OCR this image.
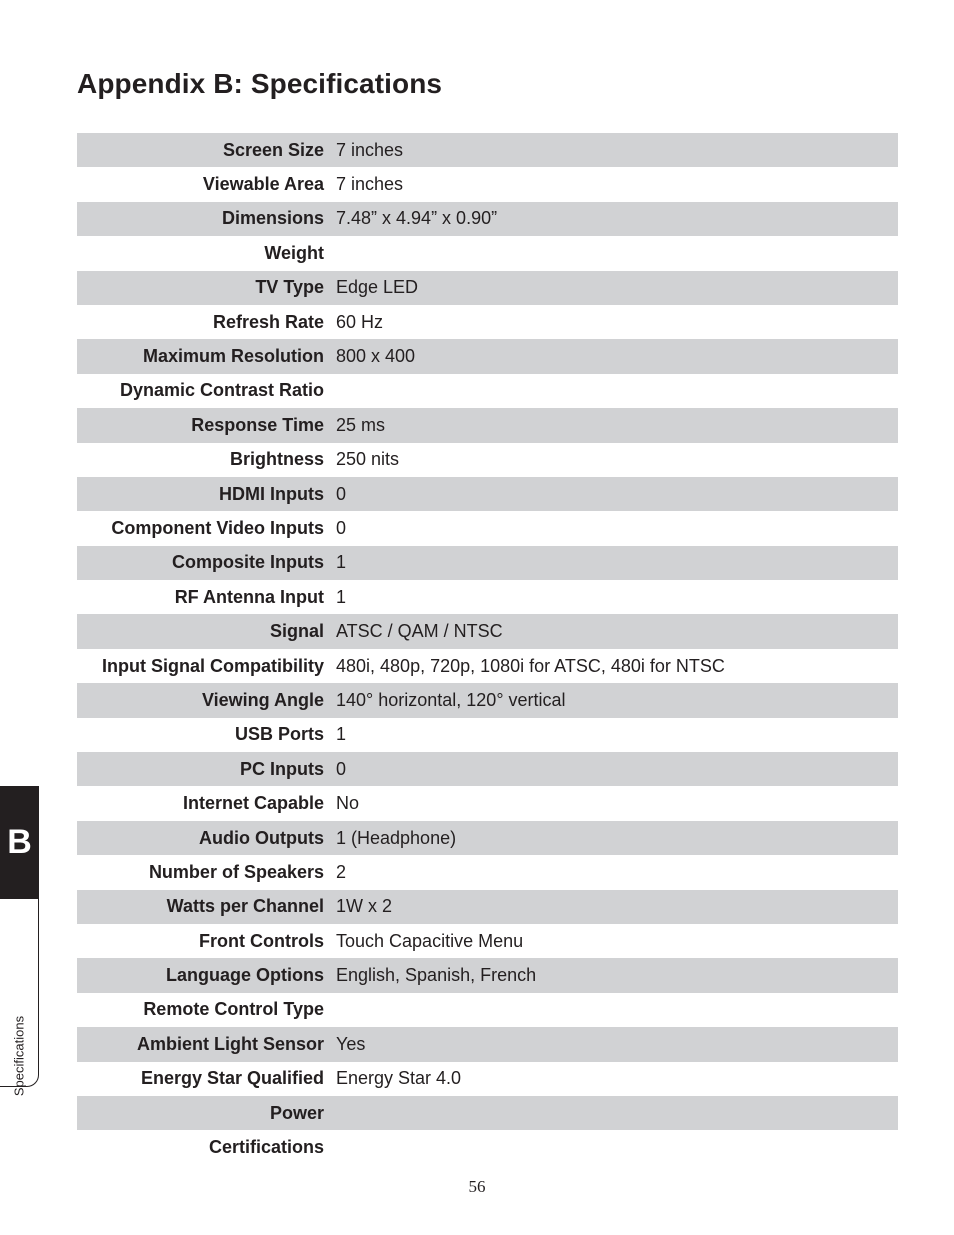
Appendix B: Specifications
Screen Size 7 inches
Viewable Area 7 inches
Dimensions 7.48” x 4.94” x 0.90”
Weight
TV Type Edge LED
Refresh Rate 60 Hz
Maximum Resolution 800 x 400
Dynamic Contrast Ratio
Response Time 25 ms
Brightness 250 nits
HDMI Inputs 0
Component Video Inputs 0
Composite Inputs 1
RF Antenna Input 1
Signal ATSC / QAM / NTSC
Input Signal Compatibility 480i, 480p, 720p, 1080i for ATSC, 480i for NTSC
Viewing Angle 140° horizontal, 120° vertical
USB Ports 1
PC Inputs 0
Internet Capable No
Audio Outputs 1 (Headphone)
Number of Speakers 2
Watts per Channel 1W x 2
Front Controls Touch Capacitive Menu
Language Options English, Spanish, French
Remote Control Type
Ambient Light Sensor Yes
Energy Star Qualified Energy Star 4.0
Power
Certifications
B
Specifications
56
